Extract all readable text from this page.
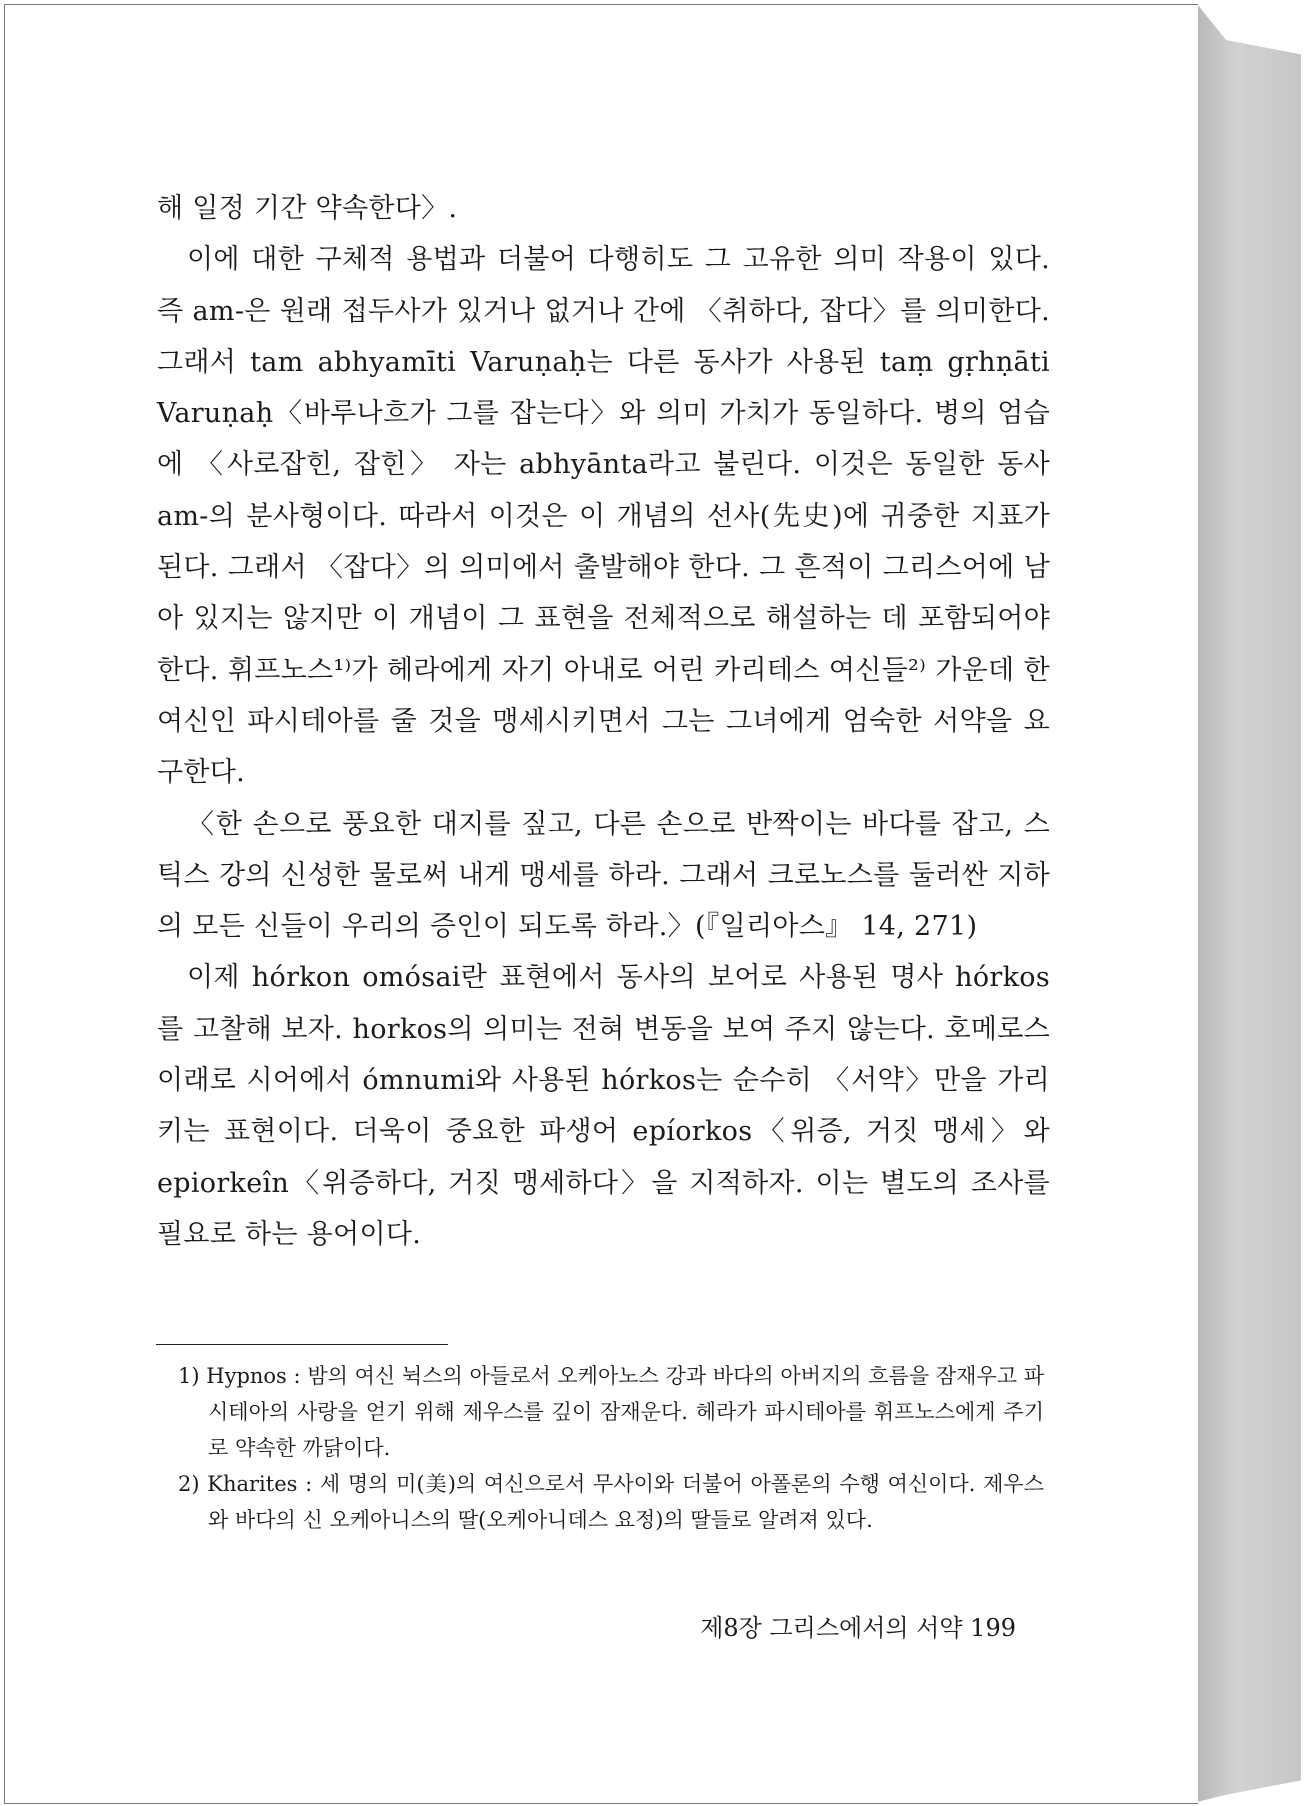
해 일정 기간 약속한다〉.

이에 대한 구체적 용법과 더불어 다행히도 그 고유한 의미 작용이 있다. 즉 am-은 원래 접두사가 있거나 없거나 간에 〈취하다, 잡다〉를 의미한다. 그래서 tam abhyamīti Varuṇaḥ는 다른 동사가 사용된 taṃ gṛhṇāti Varuṇaḥ〈바루나흐가 그를 잡는다〉와 의미 가치가 동일하다. 병의 엄습에 〈사로잡힌, 잡힌〉 자는 abhyānta라고 불린다. 이것은 동일한 동사 am-의 분사형이다. 따라서 이것은 이 개념의 선사(先史)에 귀중한 지표가 된다. 그래서 〈잡다〉의 의미에서 출발해야 한다. 그 흔적이 그리스어에 남아 있지는 않지만 이 개념이 그 표현을 전체적으로 해설하는 데 포함되어야 한다. 휘프노스¹⁾가 헤라에게 자기 아내로 어린 카리테스 여신들²⁾ 가운데 한 여신인 파시테아를 줄 것을 맹세시키면서 그는 그녀에게 엄숙한 서약을 요구한다.

〈한 손으로 풍요한 대지를 짚고, 다른 손으로 반짝이는 바다를 잡고, 스틱스 강의 신성한 물로써 내게 맹세를 하라. 그래서 크로노스를 둘러싼 지하의 모든 신들이 우리의 증인이 되도록 하라.〉(『일리아스』 14, 271)

이제 hórkon omósai란 표현에서 동사의 보어로 사용된 명사 hórkos를 고찰해 보자. horkos의 의미는 전혀 변동을 보여 주지 않는다. 호메로스 이래로 시어에서 ómnumi와 사용된 hórkos는 순수히 〈서약〉만을 가리키는 표현이다. 더욱이 중요한 파생어 epíorkos〈위증, 거짓 맹세〉와 epiorkeîn〈위증하다, 거짓 맹세하다〉을 지적하자. 이는 별도의 조사를 필요로 하는 용어이다.

1) Hypnos : 밤의 여신 뉙스의 아들로서 오케아노스 강과 바다의 아버지의 흐름을 잠재우고 파시테아의 사랑을 얻기 위해 제우스를 깊이 잠재운다. 헤라가 파시테아를 휘프노스에게 주기로 약속한 까닭이다.

2) Kharites : 세 명의 미(美)의 여신으로서 무사이와 더불어 아폴론의 수행 여신이다. 제우스와 바다의 신 오케아니스의 딸(오케아니데스 요정)의 딸들로 알려져 있다.

제8장 그리스에서의 서약 199
